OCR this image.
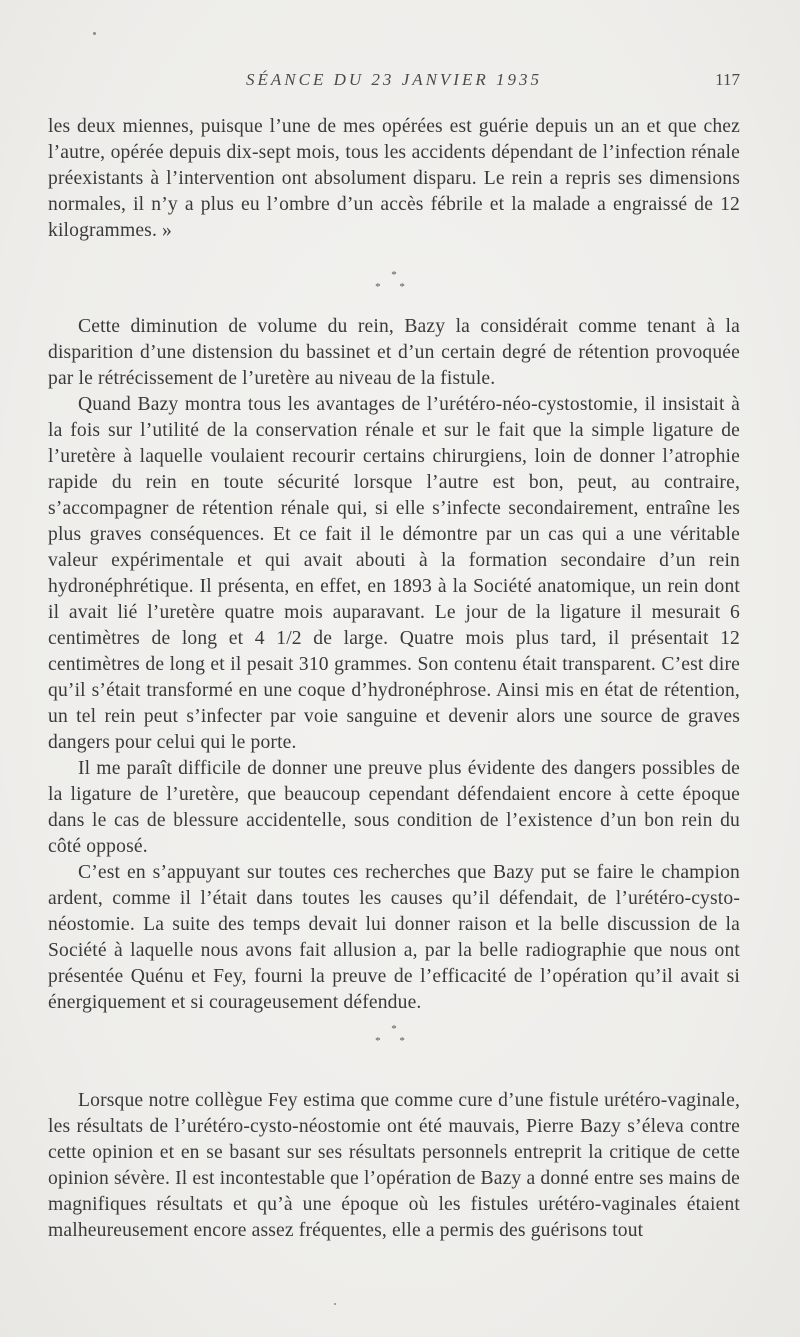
SÉANCE DU 23 JANVIER 1935	117

les deux miennes, puisque l’une de mes opérées est guérie depuis un an et que chez l’autre, opérée depuis dix-sept mois, tous les accidents dépendant de l’infection rénale préexistants à l’intervention ont absolument disparu. Le rein a repris ses dimensions normales, il n’y a plus eu l’ombre d’un accès fébrile et la malade a engraissé de 12 kilogrammes. »

*
* *

Cette diminution de volume du rein, Bazy la considérait comme tenant à la disparition d’une distension du bassinet et d’un certain degré de rétention provoquée par le rétrécissement de l’uretère au niveau de la fistule.

Quand Bazy montra tous les avantages de l’urétéro-néo-cystostomie, il insistait à la fois sur l’utilité de la conservation rénale et sur le fait que la simple ligature de l’uretère à laquelle voulaient recourir certains chirurgiens, loin de donner l’atrophie rapide du rein en toute sécurité lorsque l’autre est bon, peut, au contraire, s’accompagner de rétention rénale qui, si elle s’infecte secondairement, entraîne les plus graves conséquences. Et ce fait il le démontre par un cas qui a une véritable valeur expérimentale et qui avait abouti à la formation secondaire d’un rein hydronéphrétique. Il présenta, en effet, en 1893 à la Société anatomique, un rein dont il avait lié l’uretère quatre mois auparavant. Le jour de la ligature il mesurait 6 centimètres de long et 4 1/2 de large. Quatre mois plus tard, il présentait 12 centimètres de long et il pesait 310 grammes. Son contenu était transparent. C’est dire qu’il s’était transformé en une coque d’hydronéphrose. Ainsi mis en état de rétention, un tel rein peut s’infecter par voie sanguine et devenir alors une source de graves dangers pour celui qui le porte.

Il me paraît difficile de donner une preuve plus évidente des dangers possibles de la ligature de l’uretère, que beaucoup cependant défendaient encore à cette époque dans le cas de blessure accidentelle, sous condition de l’existence d’un bon rein du côté opposé.

C’est en s’appuyant sur toutes ces recherches que Bazy put se faire le champion ardent, comme il l’était dans toutes les causes qu’il défendait, de l’urétéro-cysto-néostomie. La suite des temps devait lui donner raison et la belle discussion de la Société à laquelle nous avons fait allusion a, par la belle radiographie que nous ont présentée Quénu et Fey, fourni la preuve de l’efficacité de l’opération qu’il avait si énergiquement et si courageusement défendue.

*
* *

Lorsque notre collègue Fey estima que comme cure d’une fistule urétéro-vaginale, les résultats de l’urétéro-cysto-néostomie ont été mauvais, Pierre Bazy s’éleva contre cette opinion et en se basant sur ses résultats personnels entreprit la critique de cette opinion sévère. Il est incontestable que l’opération de Bazy a donné entre ses mains de magnifiques résultats et qu’à une époque où les fistules urétéro-vaginales étaient malheureusement encore assez fréquentes, elle a permis des guérisons tout
